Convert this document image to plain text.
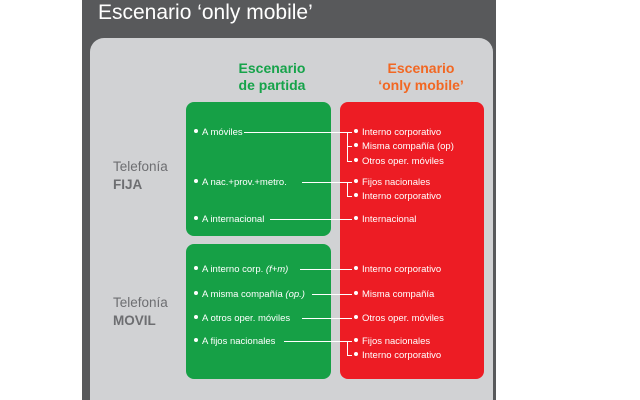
Escenario ‘only mobile’
Escenario
de partida
Escenario
‘only mobile’
Telefonía
FIJA
Telefonía
MOVIL
A móviles	Interno corporativo
Misma compañía (op)
Otros oper. móviles
A nac.+prov.+metro.	Fijos nacionales
Interno corporativo
A internacional	Internacional
A interno corp. (f+m)	Interno corporativo
A misma compañía (op.)	Misma compañía
A otros oper. móviles	Otros oper. móviles
A fijos nacionales	Fijos nacionales
Interno corporativo
